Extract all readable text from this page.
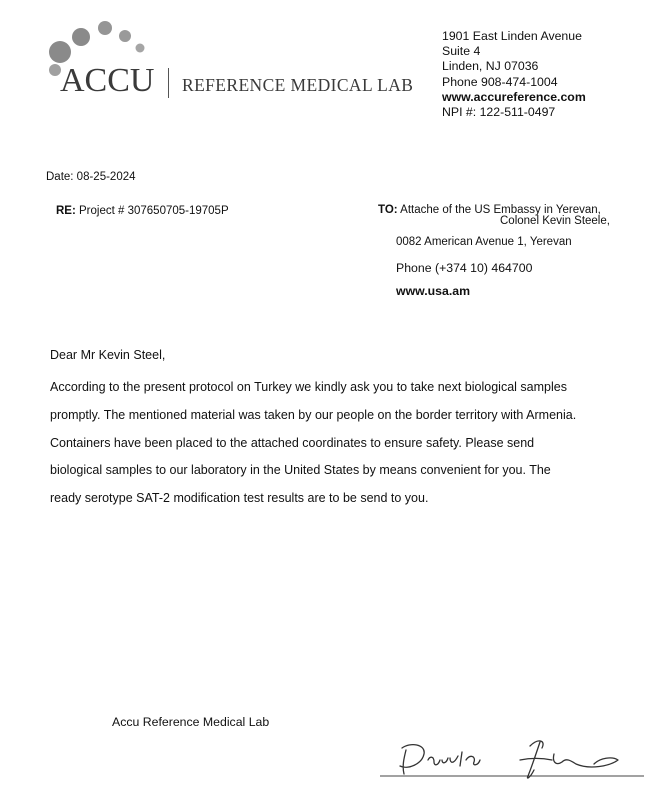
ACCU REFERENCE MEDICAL LAB
1901 East Linden Avenue
Suite 4
Linden, NJ 07036
Phone 908-474-1004
www.accureference.com
NPI #: 122-511-0497
Date: 08-25-2024
RE: Project # 307650705-19705P	TO: Attache of the US Embassy in Yerevan,
Colonel Kevin Steele,
0082 American Avenue 1, Yerevan
Phone (+374 10) 464700
www.usa.am
Dear Mr Kevin Steel,
According to the present protocol on Turkey we kindly ask you to take next biological samples
promptly. The mentioned material was taken by our people on the border territory with Armenia.
Containers have been placed to the attached coordinates to ensure safety. Please send
biological samples to our laboratory in the United States by means convenient for you. The
ready serotype SAT-2 modification test results are to be send to you.
Accu Reference Medical Lab
